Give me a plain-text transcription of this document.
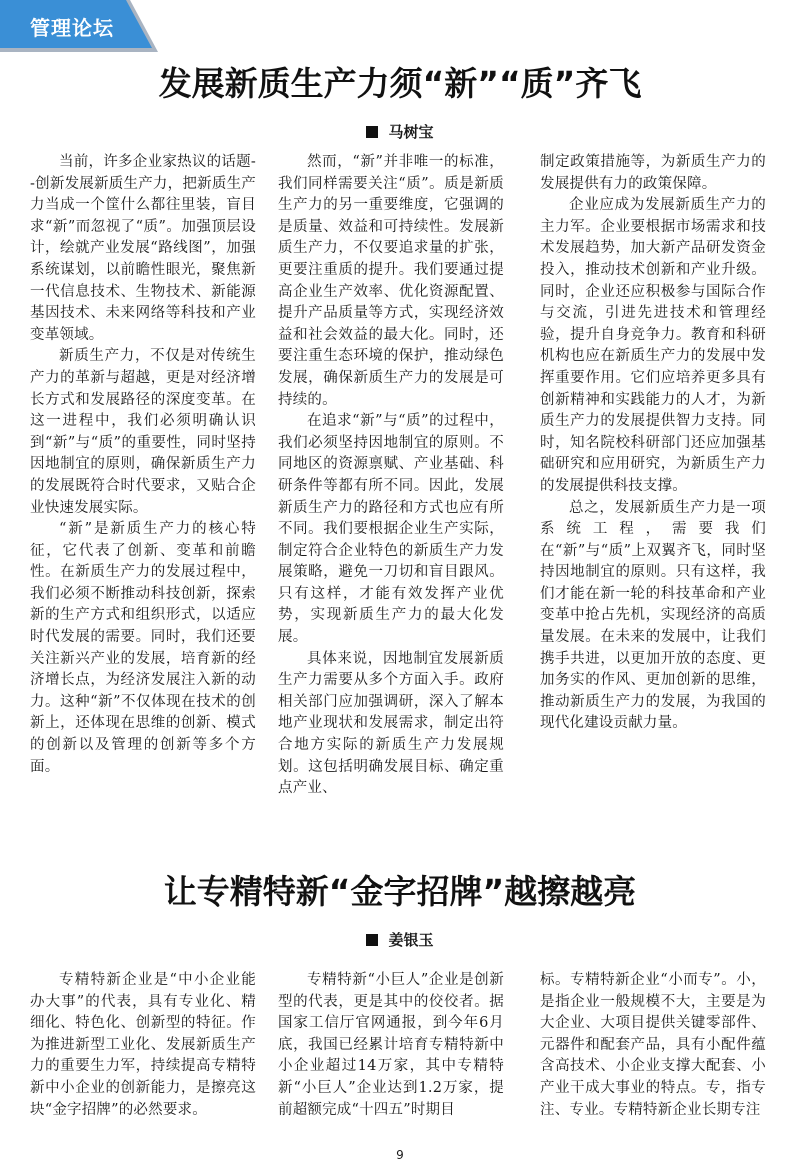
管理论坛
发展新质生产力须“新”“质”齐飞
马树宝

当前，许多企业家热议的话题--创新发展新质生产力，把新质生产力当成一个筐什么都往里装，盲目求“新”而忽视了“质”。加强顶层设计，绘就产业发展“路线图”，加强系统谋划，以前瞻性眼光，聚焦新一代信息技术、生物技术、新能源基因技术、未来网络等科技和产业变革领域。

新质生产力，不仅是对传统生产力的革新与超越，更是对经济增长方式和发展路径的深度变革。在这一进程中，我们必须明确认识到“新”与“质”的重要性，同时坚持因地制宜的原则，确保新质生产力的发展既符合时代要求，又贴合企业快速发展实际。

“新”是新质生产力的核心特征，它代表了创新、变革和前瞻性。在新质生产力的发展过程中，我们必须不断推动科技创新，探索新的生产方式和组织形式，以适应时代发展的需要。同时，我们还要关注新兴产业的发展，培育新的经济增长点，为经济发展注入新的动力。这种“新”不仅体现在技术的创新上，还体现在思维的创新、模式的创新以及管理的创新等多个方面。

然而，“新”并非唯一的标准，我们同样需要关注“质”。质是新质生产力的另一重要维度，它强调的是质量、效益和可持续性。发展新质生产力，不仅要追求量的扩张，更要注重质的提升。我们要通过提高企业生产效率、优化资源配置、提升产品质量等方式，实现经济效益和社会效益的最大化。同时，还要注重生态环境的保护，推动绿色发展，确保新质生产力的发展是可持续的。

在追求“新”与“质”的过程中，我们必须坚持因地制宜的原则。不同地区的资源禀赋、产业基础、科研条件等都有所不同。因此，发展新质生产力的路径和方式也应有所不同。我们要根据企业生产实际，制定符合企业特色的新质生产力发展策略，避免一刀切和盲目跟风。只有这样，才能有效发挥产业优势，实现新质生产力的最大化发展。

具体来说，因地制宜发展新质生产力需要从多个方面入手。政府相关部门应加强调研，深入了解本地产业现状和发展需求，制定出符合地方实际的新质生产力发展规划。这包括明确发展目标、确定重点产业、

制定政策措施等，为新质生产力的发展提供有力的政策保障。

企业应成为发展新质生产力的主力军。企业要根据市场需求和技术发展趋势，加大新产品研发资金投入，推动技术创新和产业升级。同时，企业还应积极参与国际合作与交流，引进先进技术和管理经验，提升自身竞争力。教育和科研机构也应在新质生产力的发展中发挥重要作用。它们应培养更多具有创新精神和实践能力的人才，为新质生产力的发展提供智力支持。同时，知名院校科研部门还应加强基础研究和应用研究，为新质生产力的发展提供科技支撑。

总之，发展新质生产力是一项系统工程，需要我们在“新”与“质”上双翼齐飞，同时坚持因地制宜的原则。只有这样，我们才能在新一轮的科技革命和产业变革中抢占先机，实现经济的高质量发展。在未来的发展中，让我们携手共进，以更加开放的态度、更加务实的作风、更加创新的思维，推动新质生产力的发展，为我国的现代化建设贡献力量。

让专精特新“金字招牌”越擦越亮
姜银玉

专精特新企业是“中小企业能办大事”的代表，具有专业化、精细化、特色化、创新型的特征。作为推进新型工业化、发展新质生产力的重要生力军，持续提高专精特新中小企业的创新能力，是擦亮这块“金字招牌”的必然要求。

专精特新“小巨人”企业是创新型的代表，更是其中的佼佼者。据国家工信厅官网通报，到今年6月底，我国已经累计培育专精特新中小企业超过14万家，其中专精特新“小巨人”企业达到1.2万家，提前超额完成“十四五”时期目

标。专精特新企业“小而专”。小，是指企业一般规模不大，主要是为大企业、大项目提供关键零部件、元器件和配套产品，具有小配件蕴含高技术、小企业支撑大配套、小产业干成大事业的特点。专，指专注、专业。专精特新企业长期专注

9
